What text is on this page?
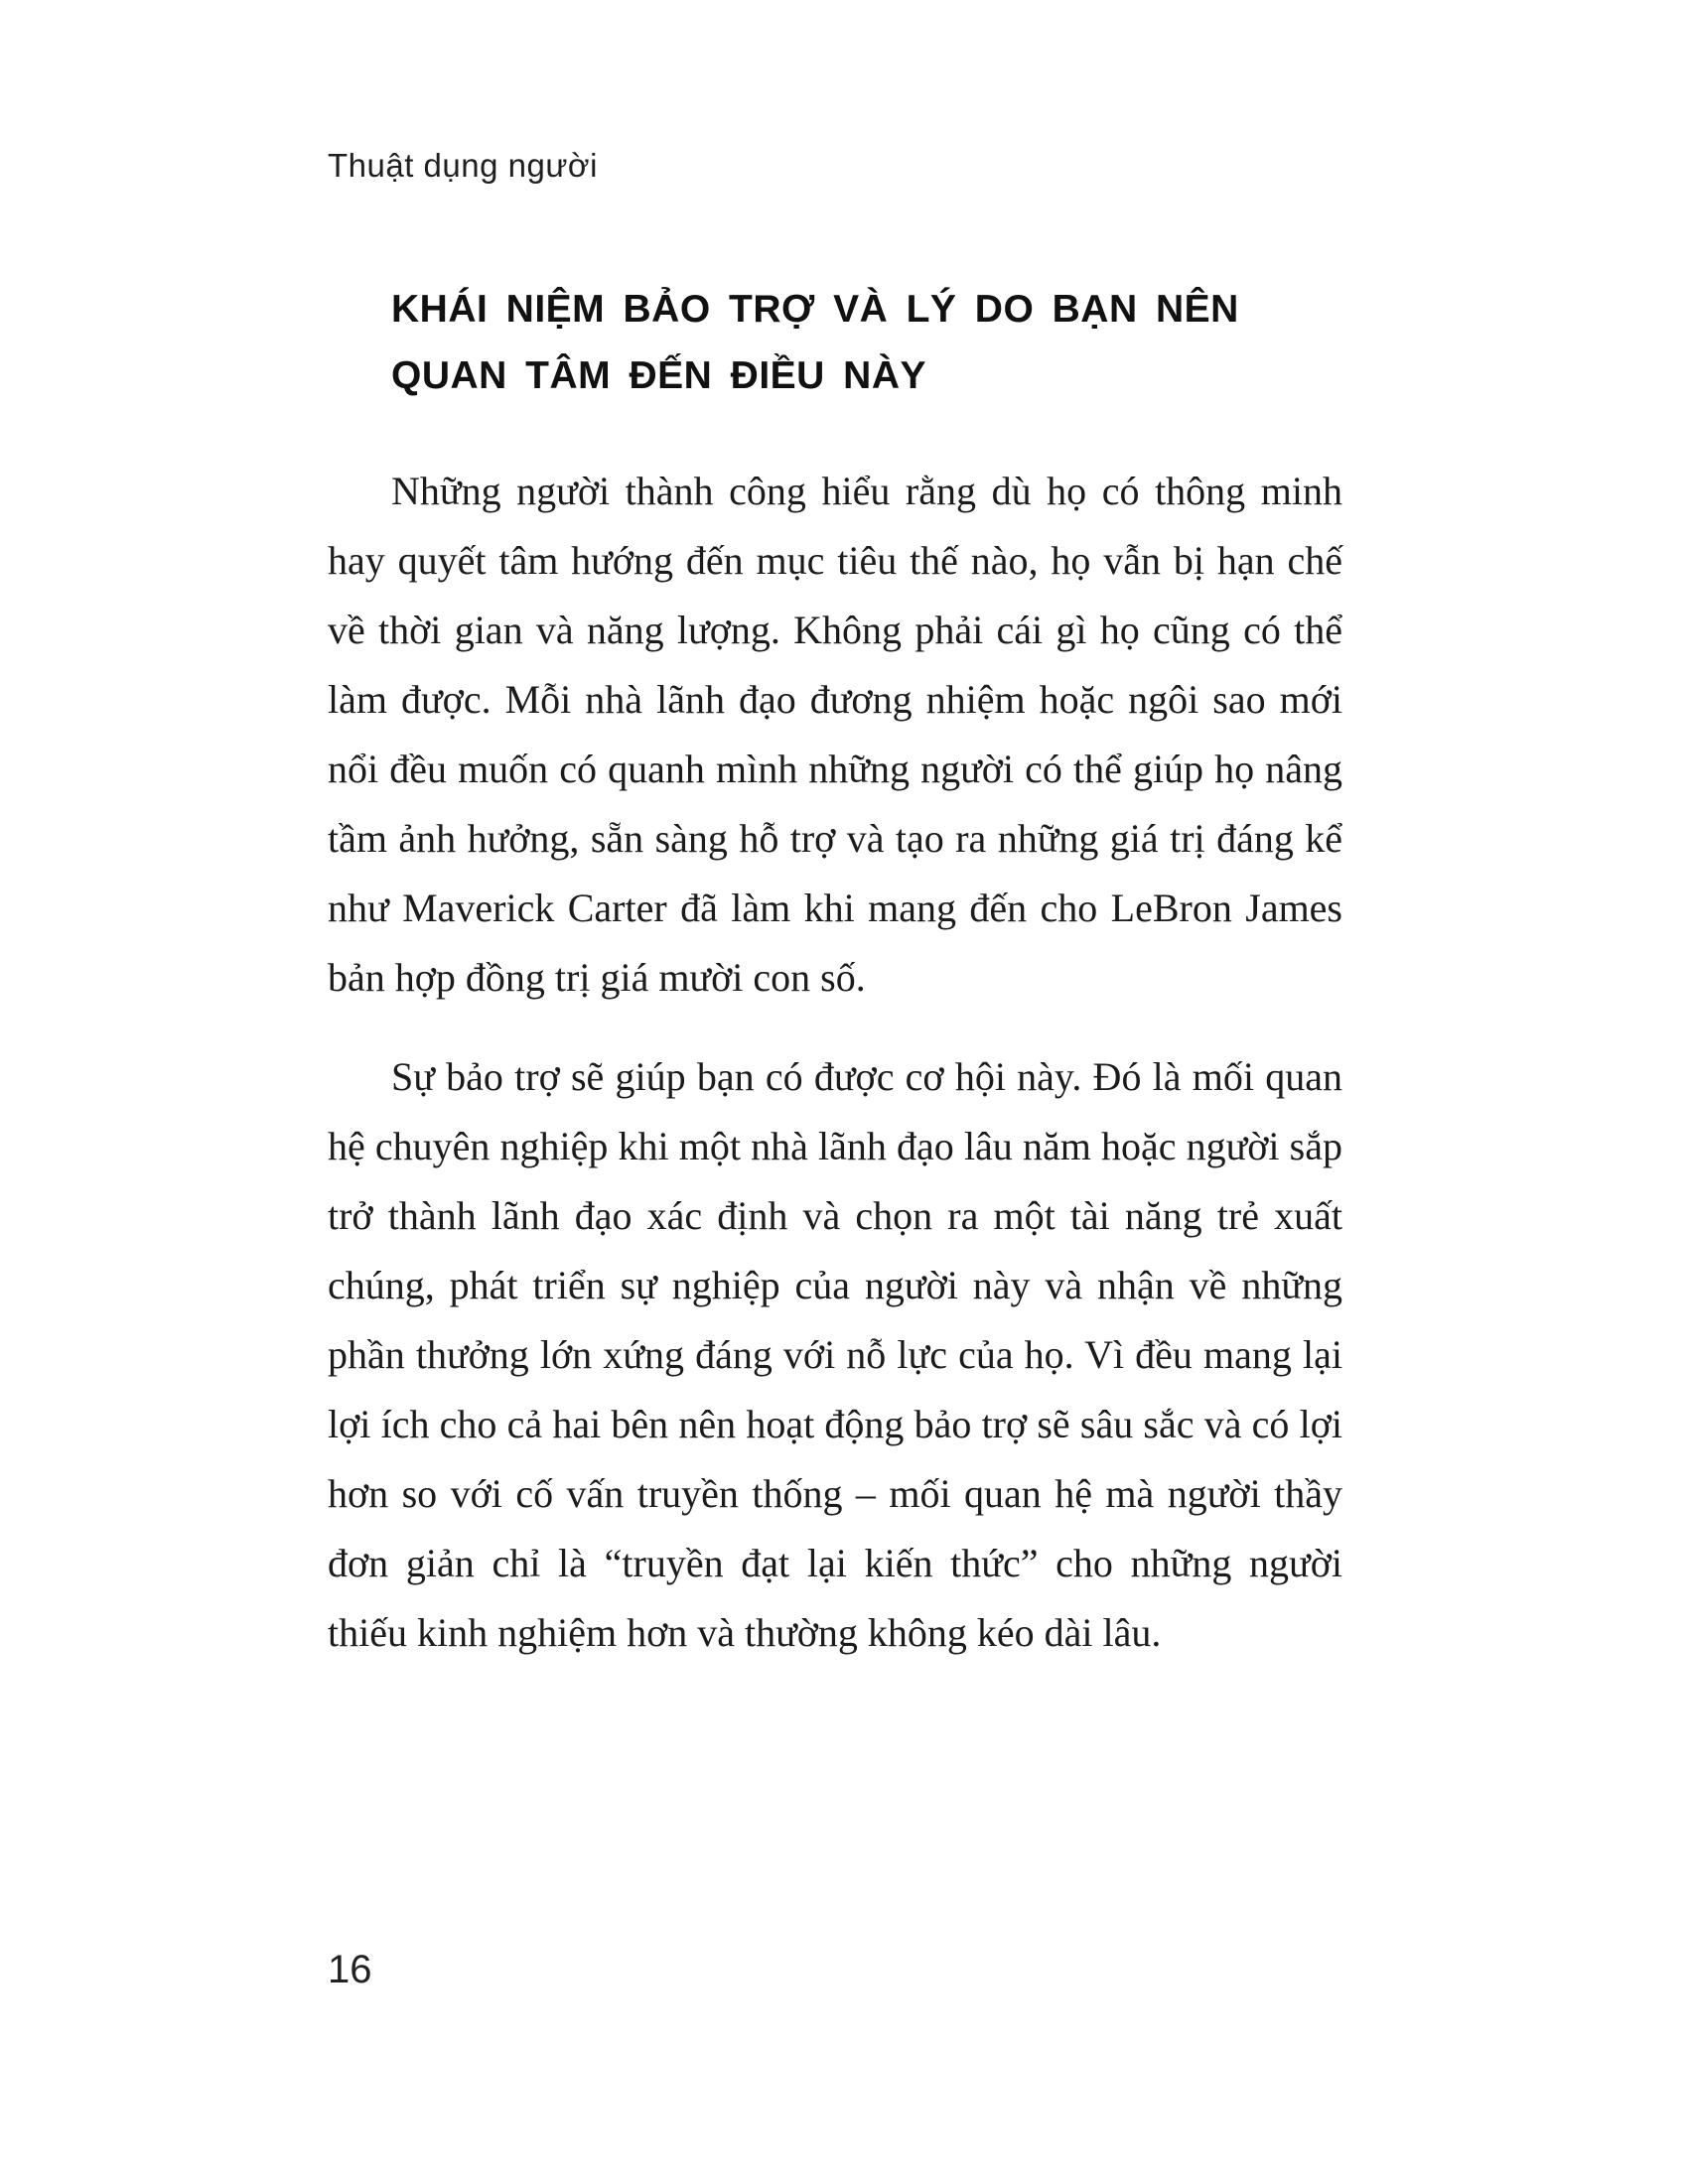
Thuật dụng người
KHÁI NIỆM BẢO TRỢ VÀ LÝ DO BẠN NÊN QUAN TÂM ĐẾN ĐIỀU NÀY

Những người thành công hiểu rằng dù họ có thông minh hay quyết tâm hướng đến mục tiêu thế nào, họ vẫn bị hạn chế về thời gian và năng lượng. Không phải cái gì họ cũng có thể làm được. Mỗi nhà lãnh đạo đương nhiệm hoặc ngôi sao mới nổi đều muốn có quanh mình những người có thể giúp họ nâng tầm ảnh hưởng, sẵn sàng hỗ trợ và tạo ra những giá trị đáng kể như Maverick Carter đã làm khi mang đến cho LeBron James bản hợp đồng trị giá mười con số.

Sự bảo trợ sẽ giúp bạn có được cơ hội này. Đó là mối quan hệ chuyên nghiệp khi một nhà lãnh đạo lâu năm hoặc người sắp trở thành lãnh đạo xác định và chọn ra một tài năng trẻ xuất chúng, phát triển sự nghiệp của người này và nhận về những phần thưởng lớn xứng đáng với nỗ lực của họ. Vì đều mang lại lợi ích cho cả hai bên nên hoạt động bảo trợ sẽ sâu sắc và có lợi hơn so với cố vấn truyền thống – mối quan hệ mà người thầy đơn giản chỉ là “truyền đạt lại kiến thức” cho những người thiếu kinh nghiệm hơn và thường không kéo dài lâu.

16
